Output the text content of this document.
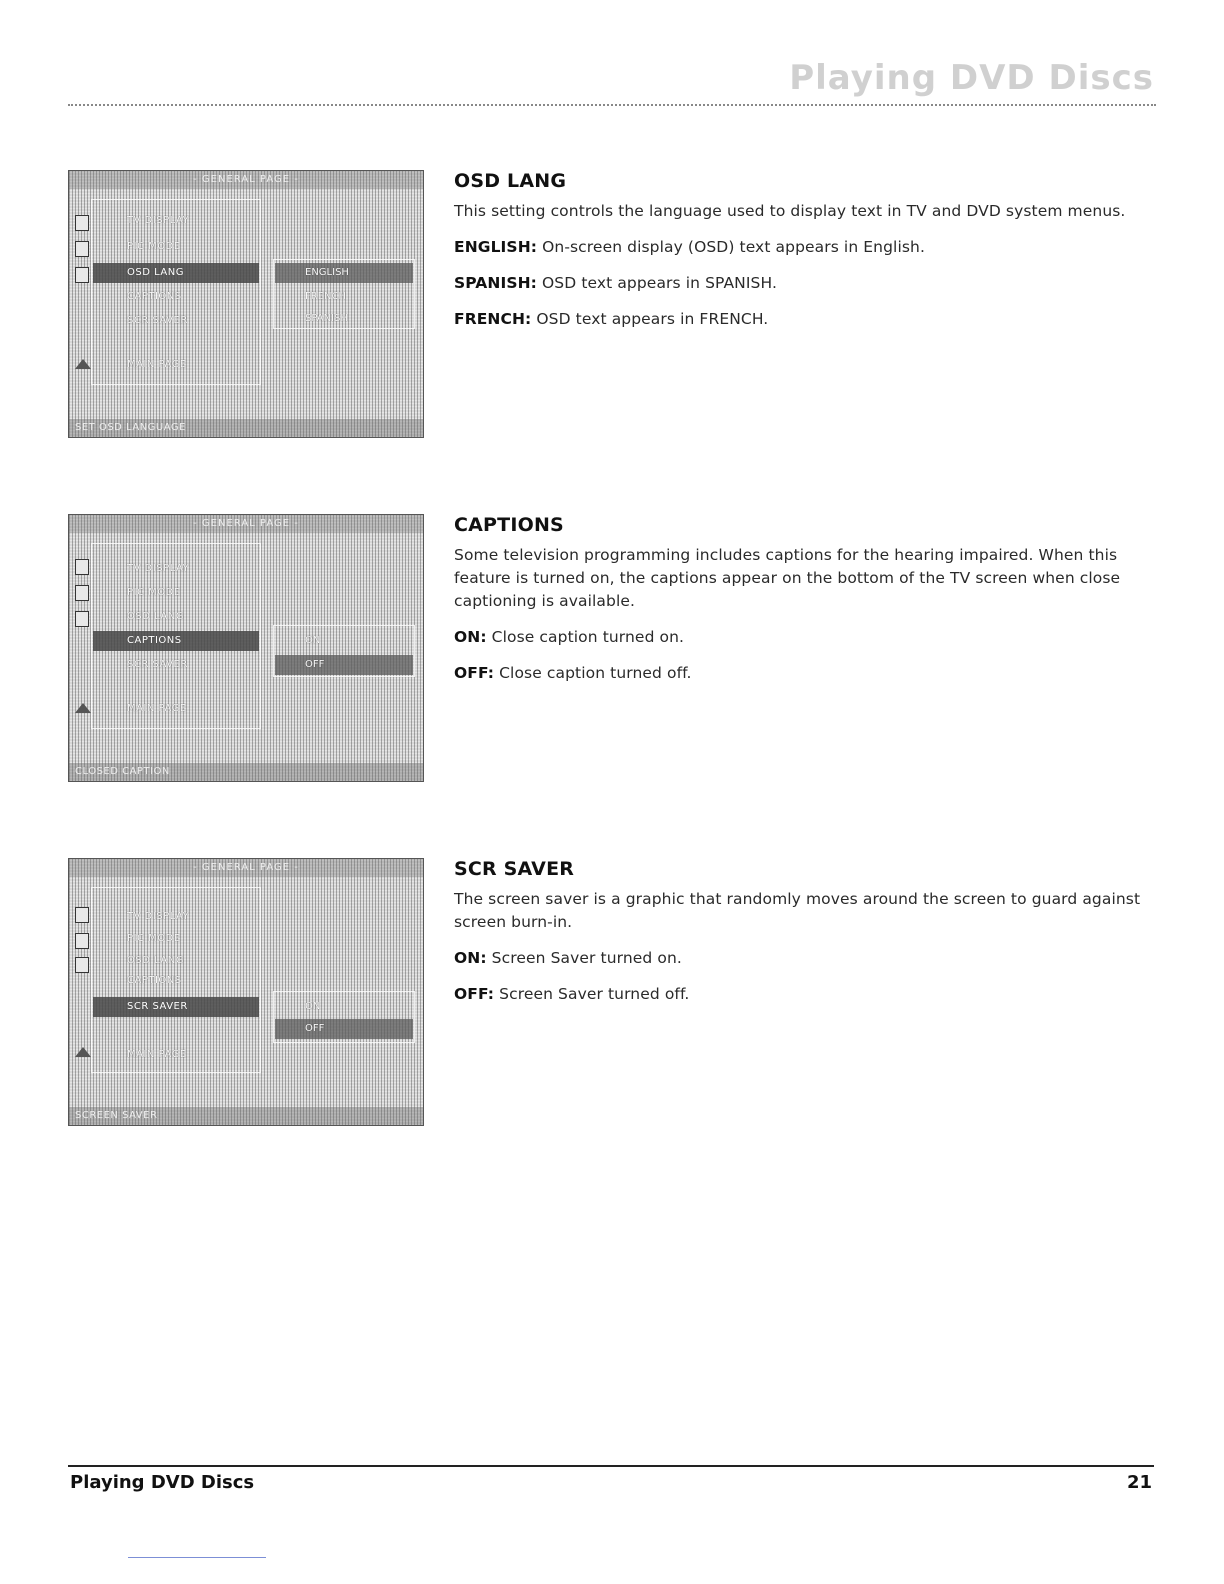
Playing DVD Discs
- GENERAL PAGE -
TV DISPLAY
PIC MODE
OSD LANG
CAPTIONS
SCR SAVER
MAIN PAGE
ENGLISH
FRENCH
SPANISH
SET OSD LANGUAGE
OSD LANG

This setting controls the language used to display text in TV and DVD system menus.

ENGLISH: On-screen display (OSD) text appears in English.

SPANISH: OSD text appears in SPANISH.

FRENCH: OSD text appears in FRENCH.

- GENERAL PAGE -
TV DISPLAY
PIC MODE
OSD LANG
CAPTIONS
SCR SAVER
MAIN PAGE
ON
OFF
CLOSED CAPTION
CAPTIONS

Some television programming includes captions for the hearing impaired. When this feature is turned on, the captions appear on the bottom of the TV screen when close captioning is available.

ON: Close caption turned on.

OFF: Close caption turned off.

- GENERAL PAGE -
TV DISPLAY
PIC MODE
OSD LANG
CAPTIONS
SCR SAVER
MAIN PAGE
ON
OFF
SCREEN SAVER
SCR SAVER

The screen saver is a graphic that randomly moves around the screen to guard against screen burn-in.

ON: Screen Saver turned on.

OFF: Screen Saver turned off.

Playing DVD Discs	21
